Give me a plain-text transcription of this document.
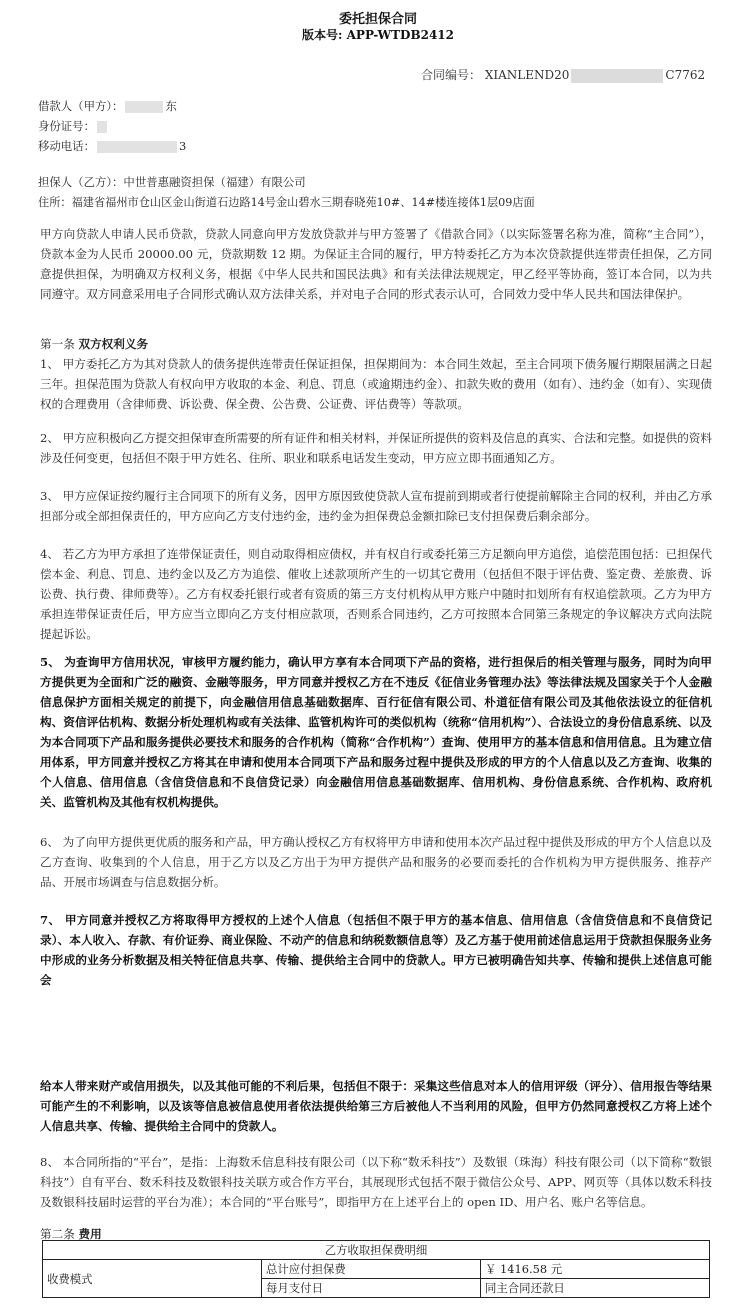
委托担保合同
版本号: APP-WTDB2412
合同编号： XIANLEND20	C7762
借款人（甲方）：	东
身份证号：
移动电话：	3
担保人（乙方）：中世普惠融资担保（福建）有限公司
住所：福建省福州市仓山区金山街道石边路14号金山碧水三期春晓苑10#、14#楼连接体1层09店面

甲方向贷款人申请人民币贷款，贷款人同意向甲方发放贷款并与甲方签署了《借款合同》（以实际签署名称为准，简称“主合同”），贷款本金为人民币 20000.00 元，贷款期数 12 期。为保证主合同的履行，甲方特委托乙方为本次贷款提供连带责任担保，乙方同意提供担保，为明确双方权利义务，根据《中华人民共和国民法典》和有关法律法规规定，甲乙经平等协商，签订本合同，以为共同遵守。双方同意采用电子合同形式确认双方法律关系，并对电子合同的形式表示认可，合同效力受中华人民共和国法律保护。

第一条 双方权利义务

1、 甲方委托乙方为其对贷款人的债务提供连带责任保证担保，担保期间为：本合同生效起，至主合同项下债务履行期限届满之日起三年。担保范围为贷款人有权向甲方收取的本金、利息、罚息（或逾期违约金）、扣款失败的费用（如有）、违约金（如有）、实现债权的合理费用（含律师费、诉讼费、保全费、公告费、公证费、评估费等）等款项。

2、 甲方应积极向乙方提交担保审查所需要的所有证件和相关材料，并保证所提供的资料及信息的真实、合法和完整。如提供的资料涉及任何变更，包括但不限于甲方姓名、住所、职业和联系电话发生变动，甲方应立即书面通知乙方。

3、 甲方应保证按约履行主合同项下的所有义务，因甲方原因致使贷款人宣布提前到期或者行使提前解除主合同的权利，并由乙方承担部分或全部担保责任的，甲方应向乙方支付违约金，违约金为担保费总金额扣除已支付担保费后剩余部分。

4、 若乙方为甲方承担了连带保证责任，则自动取得相应债权，并有权自行或委托第三方足额向甲方追偿，追偿范围包括：已担保代偿本金、利息、罚息、违约金以及乙方为追偿、催收上述款项所产生的一切其它费用（包括但不限于评估费、鉴定费、差旅费、诉讼费、执行费、律师费等）。乙方有权委托银行或者有资质的第三方支付机构从甲方账户中随时扣划所有有权追偿款项。乙方为甲方承担连带保证责任后，甲方应当立即向乙方支付相应款项，否则系合同违约，乙方可按照本合同第三条规定的争议解决方式向法院提起诉讼。

5、 为查询甲方信用状况，审核甲方履约能力，确认甲方享有本合同项下产品的资格，进行担保后的相关管理与服务，同时为向甲方提供更为全面和广泛的融资、金融等服务，甲方同意并授权乙方在不违反《征信业务管理办法》等法律法规及国家关于个人金融信息保护方面相关规定的前提下，向金融信用信息基础数据库、百行征信有限公司、朴道征信有限公司及其他依法设立的征信机构、资信评估机构、数据分析处理机构或有关法律、监管机构许可的类似机构（统称“信用机构”）、合法设立的身份信息系统、以及为本合同项下产品和服务提供必要技术和服务的合作机构（简称“合作机构”）查询、使用甲方的基本信息和信用信息。且为建立信用体系，甲方同意并授权乙方将其在申请和使用本合同项下产品和服务过程中提供及形成的甲方的个人信息以及乙方查询、收集的个人信息、信用信息（含信贷信息和不良信贷记录）向金融信用信息基础数据库、信用机构、身份信息系统、合作机构、政府机关、监管机构及其他有权机构提供。

6、 为了向甲方提供更优质的服务和产品，甲方确认授权乙方有权将甲方申请和使用本次产品过程中提供及形成的甲方个人信息以及乙方查询、收集到的个人信息，用于乙方以及乙方出于为甲方提供产品和服务的必要而委托的合作机构为甲方提供服务、推荐产品、开展市场调查与信息数据分析。

7、 甲方同意并授权乙方将取得甲方授权的上述个人信息（包括但不限于甲方的基本信息、信用信息（含信贷信息和不良信贷记录）、本人收入、存款、有价证券、商业保险、不动产的信息和纳税数额信息等）及乙方基于使用前述信息运用于贷款担保服务业务中形成的业务分析数据及相关特征信息共享、传输、提供给主合同中的贷款人。甲方已被明确告知共享、传输和提供上述信息可能会

给本人带来财产或信用损失，以及其他可能的不利后果，包括但不限于：采集这些信息对本人的信用评级（评分）、信用报告等结果可能产生的不利影响，以及该等信息被信息使用者依法提供给第三方后被他人不当利用的风险，但甲方仍然同意授权乙方将上述个人信息共享、传输、提供给主合同中的贷款人。

8、 本合同所指的“平台”，是指：上海数禾信息科技有限公司（以下称“数禾科技”）及数银（珠海）科技有限公司（以下简称“数银科技”）自有平台、数禾科技及数银科技关联方或合作方平台，其展现形式包括不限于微信公众号、APP、网页等（具体以数禾科技及数银科技届时运营的平台为准）；本合同的“平台账号”，即指甲方在上述平台上的 open ID、用户名、账户名等信息。

第二条 费用
乙方收取担保费明细		
收费模式	总计应付担保费	￥ 1416.58 元
	每月支付日	同主合同还款日
